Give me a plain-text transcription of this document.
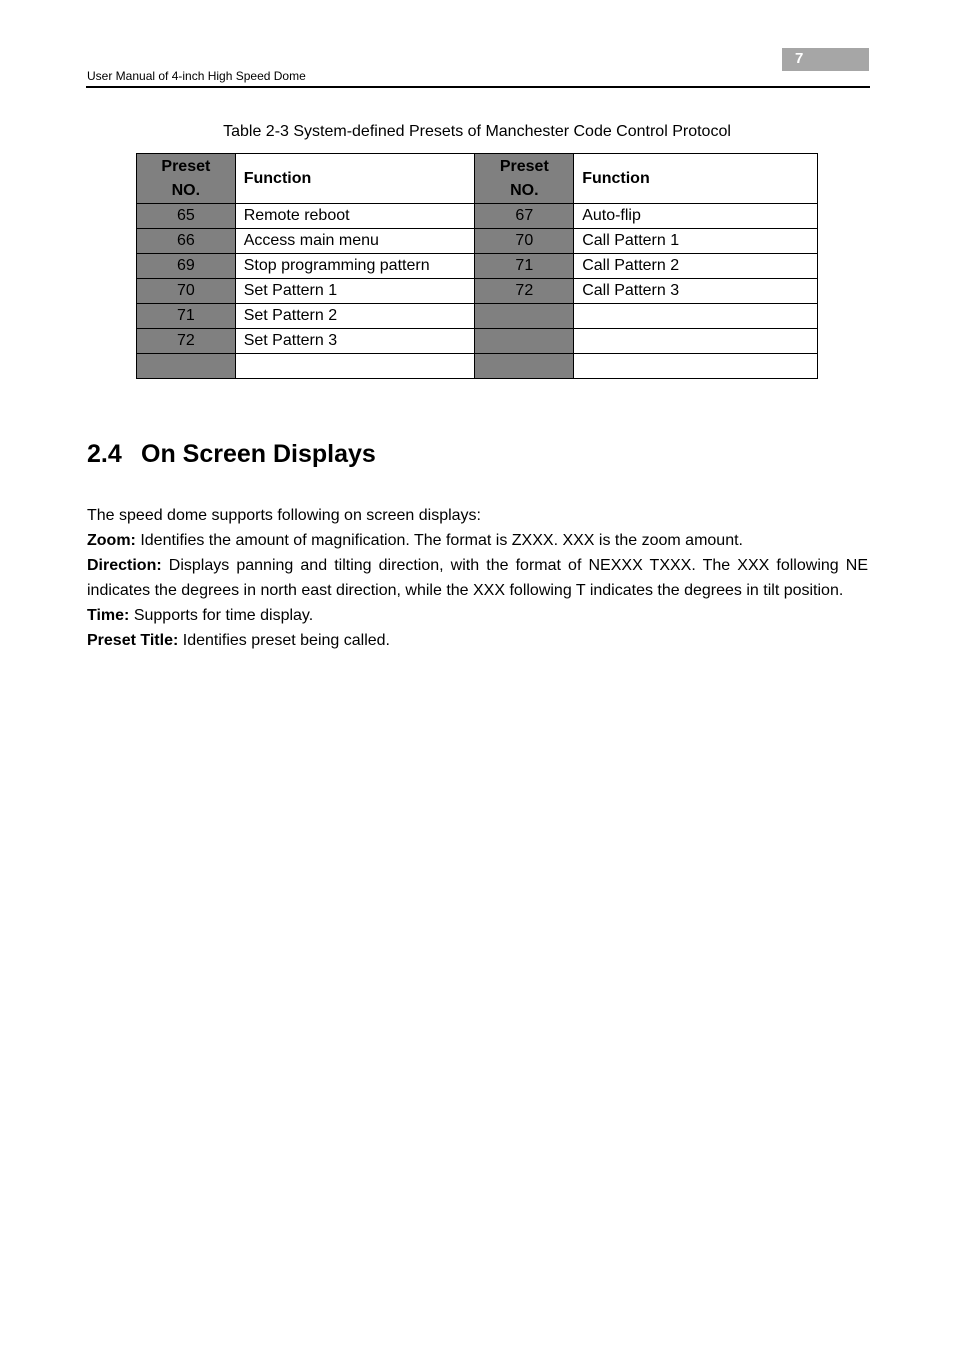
7
User Manual of 4-inch High Speed Dome
Table 2-3 System-defined Presets of Manchester Code Control Protocol
Preset
NO.	Function	Preset
NO.	Function
65	Remote reboot	67	Auto-flip
66	Access main menu	70	Call Pattern 1
69	Stop programming pattern	71	Call Pattern 2
70	Set Pattern 1	72	Call Pattern 3
71	Set Pattern 2		
72	Set Pattern 3		

2.4 On Screen Displays

The speed dome supports following on screen displays:

Zoom: Identifies the amount of magnification. The format is ZXXX. XXX is the zoom amount.

Direction: Displays panning and tilting direction, with the format of NEXXX TXXX. The XXX following NE indicates the degrees in north east direction, while the XXX following T indicates the degrees in tilt position.

Time: Supports for time display.

Preset Title: Identifies preset being called.
